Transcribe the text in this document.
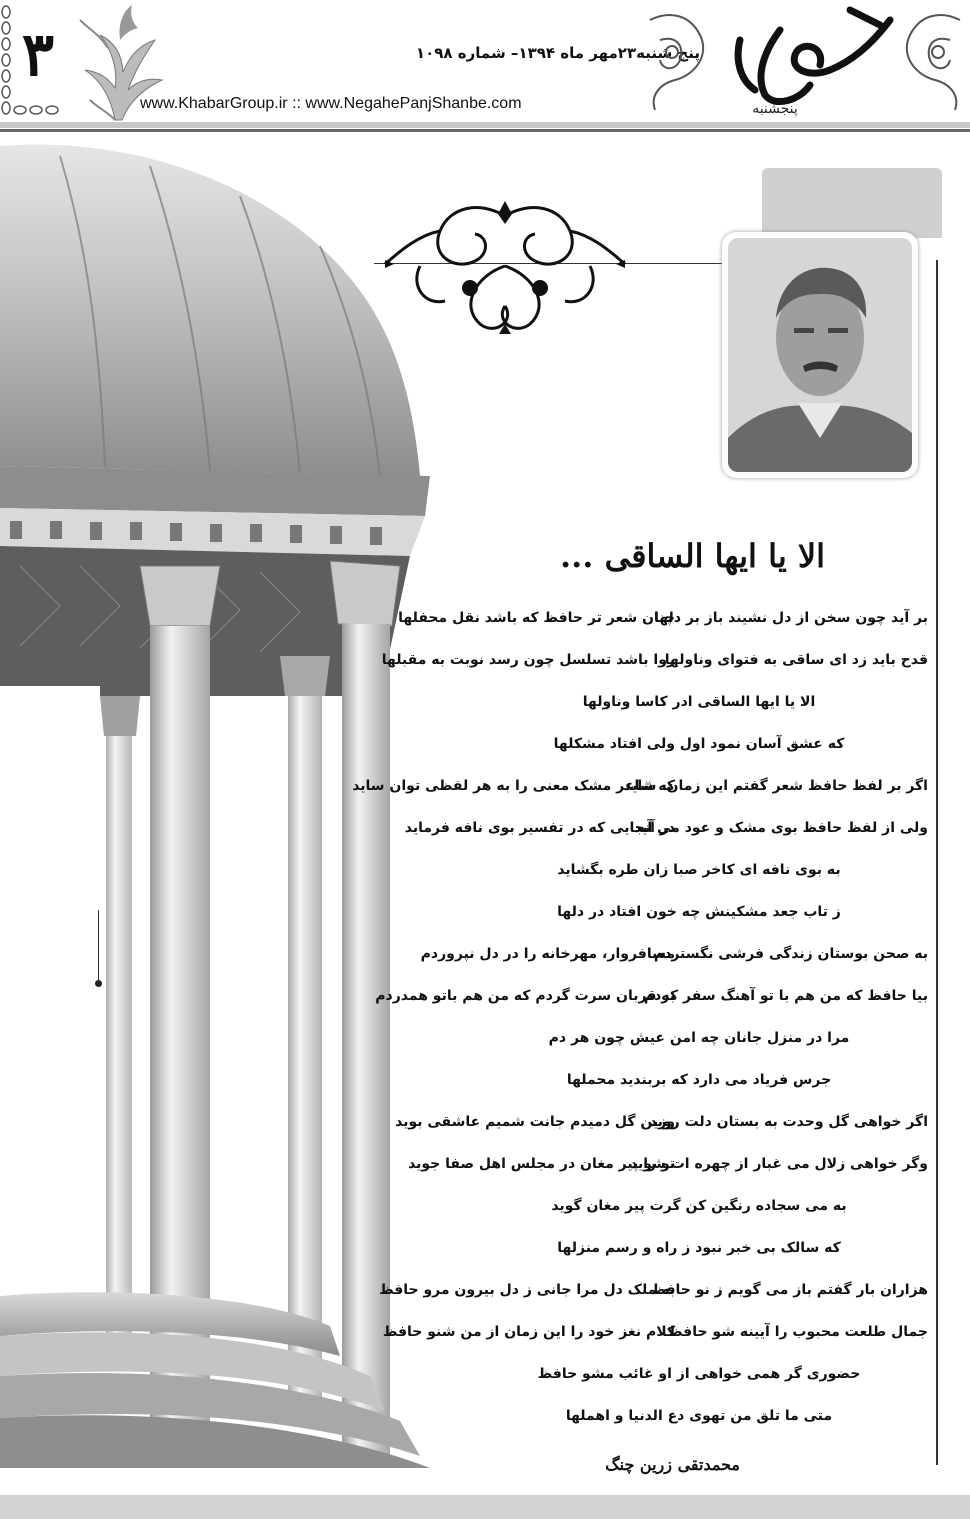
۳	پنج شنبه۲۳مهر ماه ۱۳۹۴– شماره ۱۰۹۸
www.KhabarGroup.ir :: www.NegahePanjShanbe.com	پنجشنبه
الا یا ایها الساقی ...
بر آید چون سخن از دل نشیند باز بر دلها
چنان شعر تر حافظ که باشد نقل محفلها
قدح باید زد ای ساقی به فتوای وناولها
روا باشد تسلسل چون رسد نوبت به مقبلها
الا یا ایها الساقی ادر کاسا وناولها
که عشق آسان نمود اول ولی افتاد مشکلها
اگر بر لفظ حافظ شعر گفتم این زمان، شاید
که شاعر مشک معنی را به هر لفظی توان ساید
ولی از لفظ حافظ بوی مشک و عود می آید
در آنجایی که در تفسیر بوی نافه فرماید
به بوی نافه ای کاخر صبا زان طره بگشاید
ز تاب جعد مشکینش چه خون افتاد در دلها
به صحن بوستان زندگی فرشی نگستردم
مسافروار، مهرخانه را در دل نپروردم
بیا حافظ که من هم با تو آهنگ سفر کردم
به قربان سرت گردم که من هم باتو همدردم
مرا در منزل جانان چه امن عیش چون هر دم
جرس فریاد می دارد که بربندید محملها
اگر خواهی گل وحدت به بستان دلت روید
وزین گل دمیدم جانت شمیم عاشقی بوید
وگر خواهی زلال می غبار از چهره ات شوید
تو را پیر مغان در مجلس اهل صفا جوید
به می سجاده رنگین کن گرت پیر مغان گوید
که سالک بی خبر نبود ز راه و رسم منزلها
هزاران بار گفتم باز می گویم ز نو حافظ
به ملک دل مرا جانی ز دل بیرون مرو حافظ
جمال طلعت محبوب را آیینه شو حافظ
کلام نغز خود را این زمان از من شنو حافظ
حضوری گر همی خواهی از او غائب مشو حافظ
متی ما تلق من تهوی دع الدنیا و اهملها
محمدتقی زرین چنگ
